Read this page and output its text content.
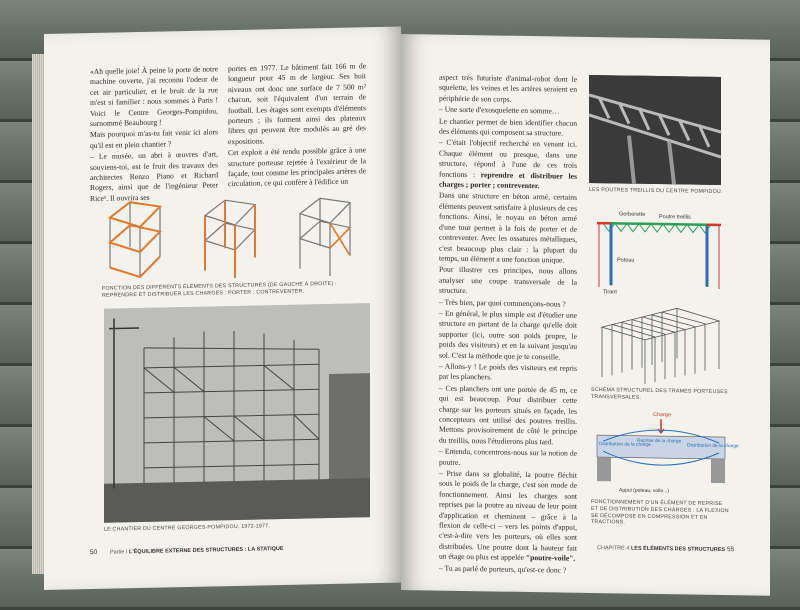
«Ah quelle joie! À peine la porte de notre machine ouverte, j'ai reconnu l'odeur de cet air particulier, et le bruit de la rue m'est si familier : nous sommes à Paris ! Voici le Centre Georges-Pompidou, surnommé Beaubourg !

Mais pourquoi m'as-tu fait venir ici alors qu'il est en plein chantier ?

– Le musée, un abri à œuvres d'art, souviens-toi, est le fruit des travaux des architectes Renzo Piano et Richard Rogers, ainsi que de l'ingénieur Peter Rice¹. Il ouvrira ses

portes en 1977. Le bâtiment fait 166 m de longueur pour 45 m de largeur. Ses huit niveaux ont donc une surface de 7 500 m² chacun, soit l'équivalent d'un terrain de football. Les étages sont exempts d'éléments porteurs ; ils forment ainsi des plateaux libres qui peuvent être modulés au gré des expositions.

Cet exploit a été rendu possible grâce à une structure porteuse rejetée à l'extérieur de la façade, tout comme les principales artères de circulation, ce qui confère à l'édifice un

FONCTION DES DIFFÉRENTS ÉLÉMENTS DES STRUCTURES (DE GAUCHE À DROITE) : REPRENDRE ET DISTRIBUER LES CHARGES ; PORTER ; CONTREVENTER.
LE CHANTIER DU CENTRE GEORGES-POMPIDOU, 1972-1977.
50 Partie I L'ÉQUILIBRE EXTERNE DES STRUCTURES : LA STATIQUE

aspect très futuriste d'animal-robot dont le squelette, les veines et les artères seraient en périphérie de son corps.

– Une sorte d'exosquelette en somme…

Le chantier permet de bien identifier chacun des éléments qui composent sa structure.

– C'était l'objectif recherché en venant ici. Chaque élément ou presque, dans une structure, répond à l'une de ces trois fonctions : reprendre et distribuer les charges ; porter ; contreventer.

Dans une structure en béton armé, certains éléments peuvent satisfaire à plusieurs de ces fonctions. Ainsi, le noyau en béton armé d'une tour permet à la fois de porter et de contreventer. Avec les ossatures métalliques, c'est beaucoup plus clair : la plupart du temps, un élément a une fonction unique.

Pour illustrer ces principes, nous allons analyser une coupe transversale de la structure.

– Très bien, par quoi commençons-nous ?

– En général, le plus simple est d'étudier une structure en partant de la charge qu'elle doit supporter (ici, outre son poids propre, le poids des visiteurs) et en la suivant jusqu'au sol. C'est la méthode que je te conseille.

– Allons-y ! Le poids des visiteurs est repris par les planchers.

– Ces planchers ont une portée de 45 m, ce qui est beaucoup. Pour distribuer cette charge sur les porteurs situés en façade, les concepteurs ont utilisé des poutres treillis. Mettons provisoirement de côté le principe du treillis, nous l'étudierons plus tard.

– Entendu, concentrons-nous sur la notion de poutre.

– Prise dans sa globalité, la poutre fléchit sous le poids de la charge, c'est son mode de fonctionnement. Ainsi les charges sont reprises par la poutre au niveau de leur point d'application et cheminent – grâce à la flexion de celle-ci – vers les points d'appui, c'est-à-dire vers les porteurs, où elles sont distribuées. Une poutre dont la hauteur fait un étage ou plus est appelée "poutre-voile".

– Tu as parlé de porteurs, qu'est-ce donc ?

LES POUTRES TREILLIS DU CENTRE POMPIDOU.
Gerberette Poutre treillis
Poteau
Tirant
SCHÉMA STRUCTUREL DES TRAMES PORTEUSES TRANSVERSALES.
Charge
Distribution de la charge
Reprise de la charge
Distribution de la charge
Appui (poteau, voile...)
FONCTIONNEMENT D'UN ÉLÉMENT DE REPRISE ET DE DISTRIBUTION DES CHARGES : LA FLEXION SE DÉCOMPOSE EN COMPRESSION ET EN TRACTIONS.
CHAPITRE 4 LES ÉLÉMENTS DES STRUCTURES 55
